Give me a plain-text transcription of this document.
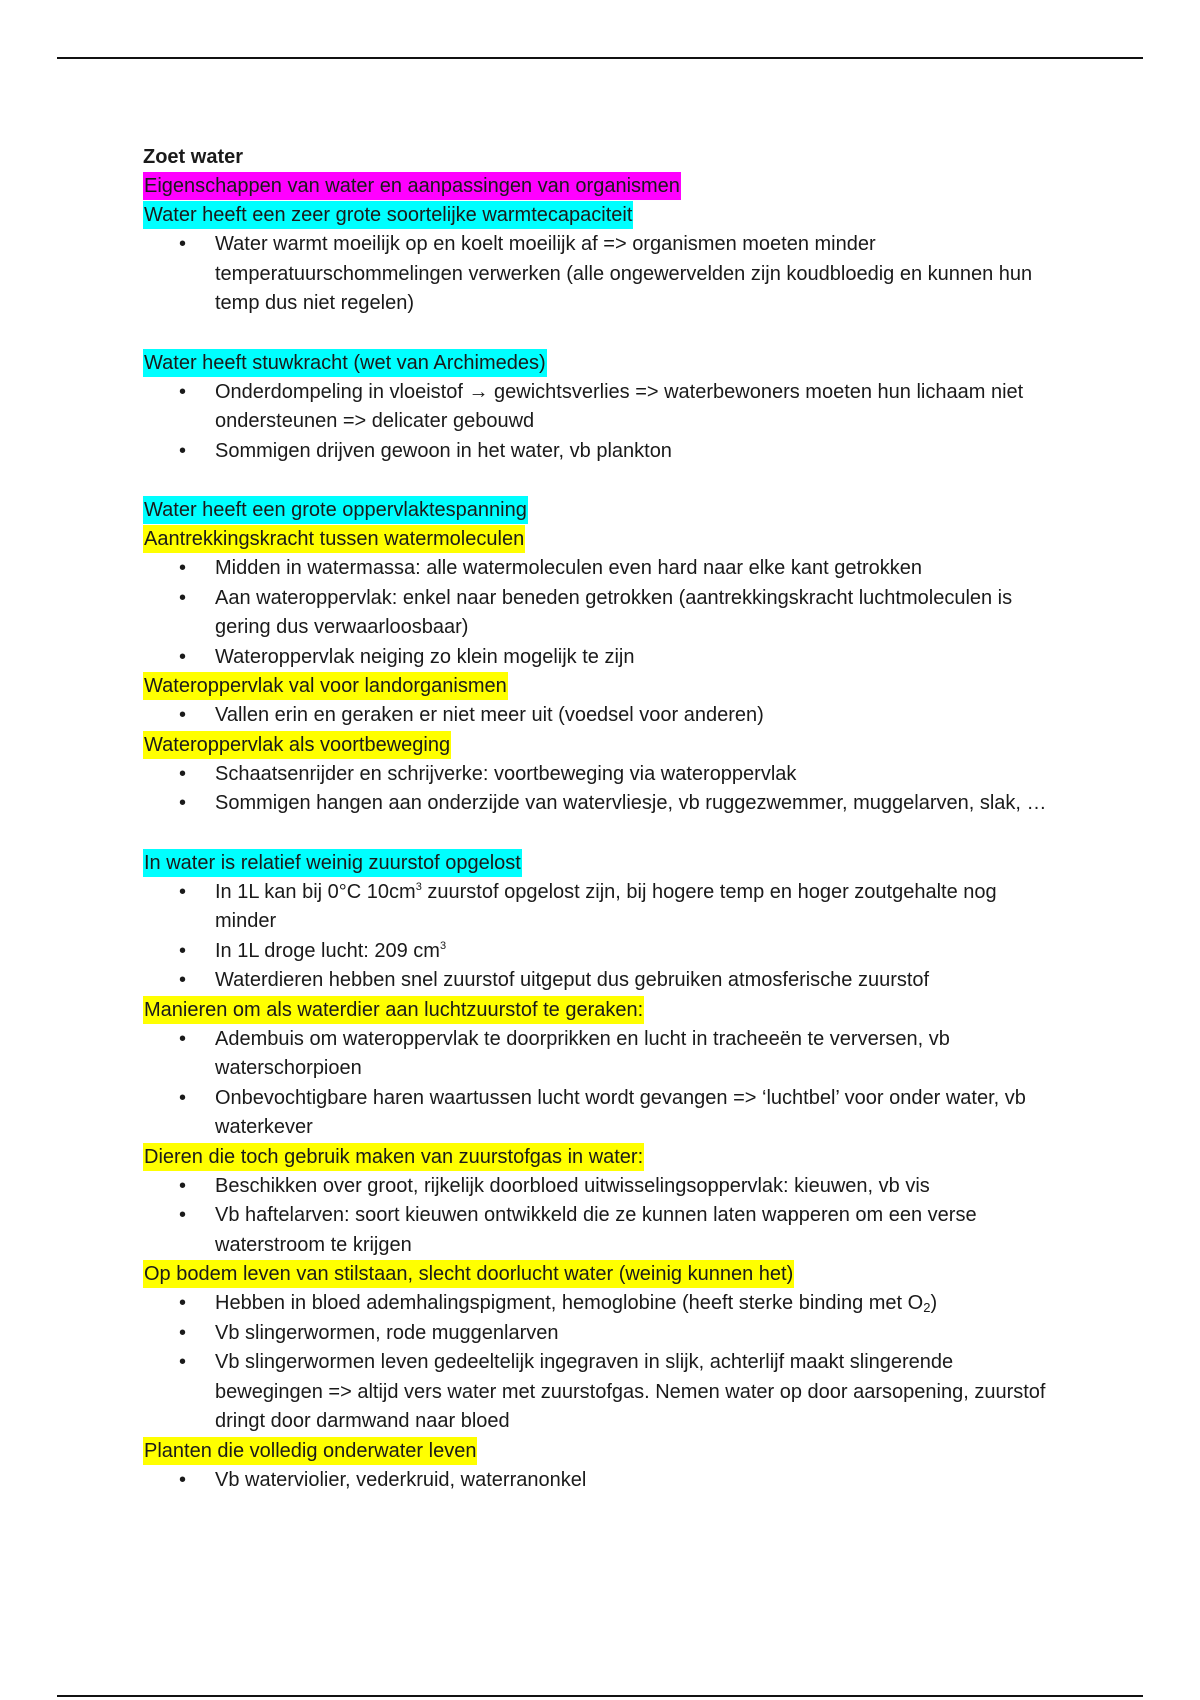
Zoet water
Eigenschappen van water en aanpassingen van organismen
Water heeft een zeer grote soortelijke warmtecapaciteit
• Water warmt moeilijk op en koelt moeilijk af => organismen moeten minder temperatuurschommelingen verwerken (alle ongewervelden zijn koudbloedig en kunnen hun temp dus niet regelen)
Water heeft stuwkracht (wet van Archimedes)
• Onderdompeling in vloeistof → gewichtsverlies => waterbewoners moeten hun lichaam niet ondersteunen => delicater gebouwd
• Sommigen drijven gewoon in het water, vb plankton
Water heeft een grote oppervlaktespanning
Aantrekkingskracht tussen watermoleculen
• Midden in watermassa: alle watermoleculen even hard naar elke kant getrokken
• Aan wateroppervlak: enkel naar beneden getrokken (aantrekkingskracht luchtmoleculen is gering dus verwaarloosbaar)
• Wateroppervlak neiging zo klein mogelijk te zijn
Wateroppervlak val voor landorganismen
• Vallen erin en geraken er niet meer uit (voedsel voor anderen)
Wateroppervlak als voortbeweging
• Schaatsenrijder en schrijverke: voortbeweging via wateroppervlak
• Sommigen hangen aan onderzijde van watervliesje, vb ruggezwemmer, muggelarven, slak, …
In water is relatief weinig zuurstof opgelost
• In 1L kan bij 0°C $10cm^3$ zuurstof opgelost zijn, bij hogere temp en hoger zoutgehalte nog minder
• In 1L droge lucht: 209 $cm^3$
• Waterdieren hebben snel zuurstof uitgeput dus gebruiken atmosferische zuurstof
Manieren om als waterdier aan luchtzuurstof te geraken:
• Adembuis om wateroppervlak te doorprikken en lucht in tracheeën te verversen, vb waterschorpioen
• Onbevochtigbare haren waartussen lucht wordt gevangen => ‘luchtbel’ voor onder water, vb waterkever
Dieren die toch gebruik maken van zuurstofgas in water:
• Beschikken over groot, rijkelijk doorbloed uitwisselingsoppervlak: kieuwen, vb vis
• Vb haftelarven: soort kieuwen ontwikkeld die ze kunnen laten wapperen om een verse waterstroom te krijgen
Op bodem leven van stilstaan, slecht doorlucht water (weinig kunnen het)
• Hebben in bloed ademhalingspigment, hemoglobine (heeft sterke binding met $O_2$)
• Vb slingerwormen, rode muggenlarven
• Vb slingerwormen leven gedeeltelijk ingegraven in slijk, achterlijf maakt slingerende bewegingen => altijd vers water met zuurstofgas. Nemen water op door aarsopening, zuurstof dringt door darmwand naar bloed
Planten die volledig onderwater leven
• Vb waterviolier, vederkruid, waterranonkel
